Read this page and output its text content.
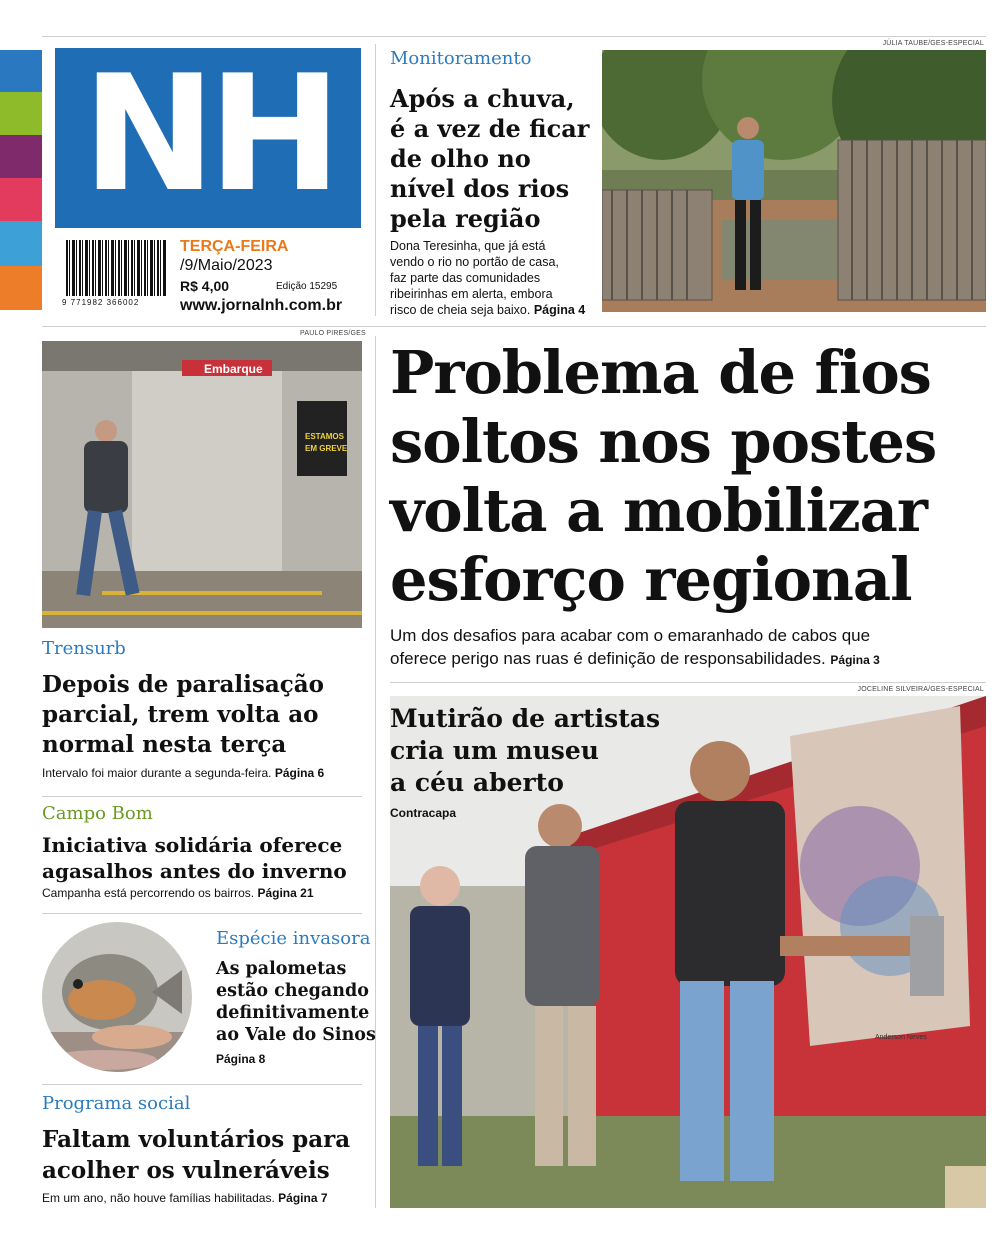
NH
9 771982 366002
TERÇA-FEIRA
/9/Maio/2023
R$ 4,00	Edição 15295
www.jornalnh.com.br
Monitoramento
Após a chuva,
é a vez de ficar
de olho no
nível dos rios
pela região
Dona Teresinha, que já está
vendo o rio no portão de casa,
faz parte das comunidades
ribeirinhas em alerta, embora
risco de cheia seja baixo. Página 4
JÚLIA TAUBE/GES-ESPECIAL
PAULO PIRES/GES
Embarque
ESTAMOS
EM GREVE
Problema de fios
soltos nos postes
volta a mobilizar
esforço regional
Um dos desafios para acabar com o emaranhado de cabos que
oferece perigo nas ruas é definição de responsabilidades. Página 3
Trensurb
Depois de paralisação
parcial, trem volta ao
normal nesta terça
Intervalo foi maior durante a segunda-feira. Página 6
Campo Bom
Iniciativa solidária oferece
agasalhos antes do inverno
Campanha está percorrendo os bairros. Página 21
Espécie invasora
As palometas
estão chegando
definitivamente
ao Vale do Sinos
Página 8
Programa social
Faltam voluntários para
acolher os vulneráveis
Em um ano, não houve famílias habilitadas. Página 7
JOCELINE SILVEIRA/GES-ESPECIAL
Anderson Neves
Mutirão de artistas
cria um museu
a céu aberto
Contracapa
